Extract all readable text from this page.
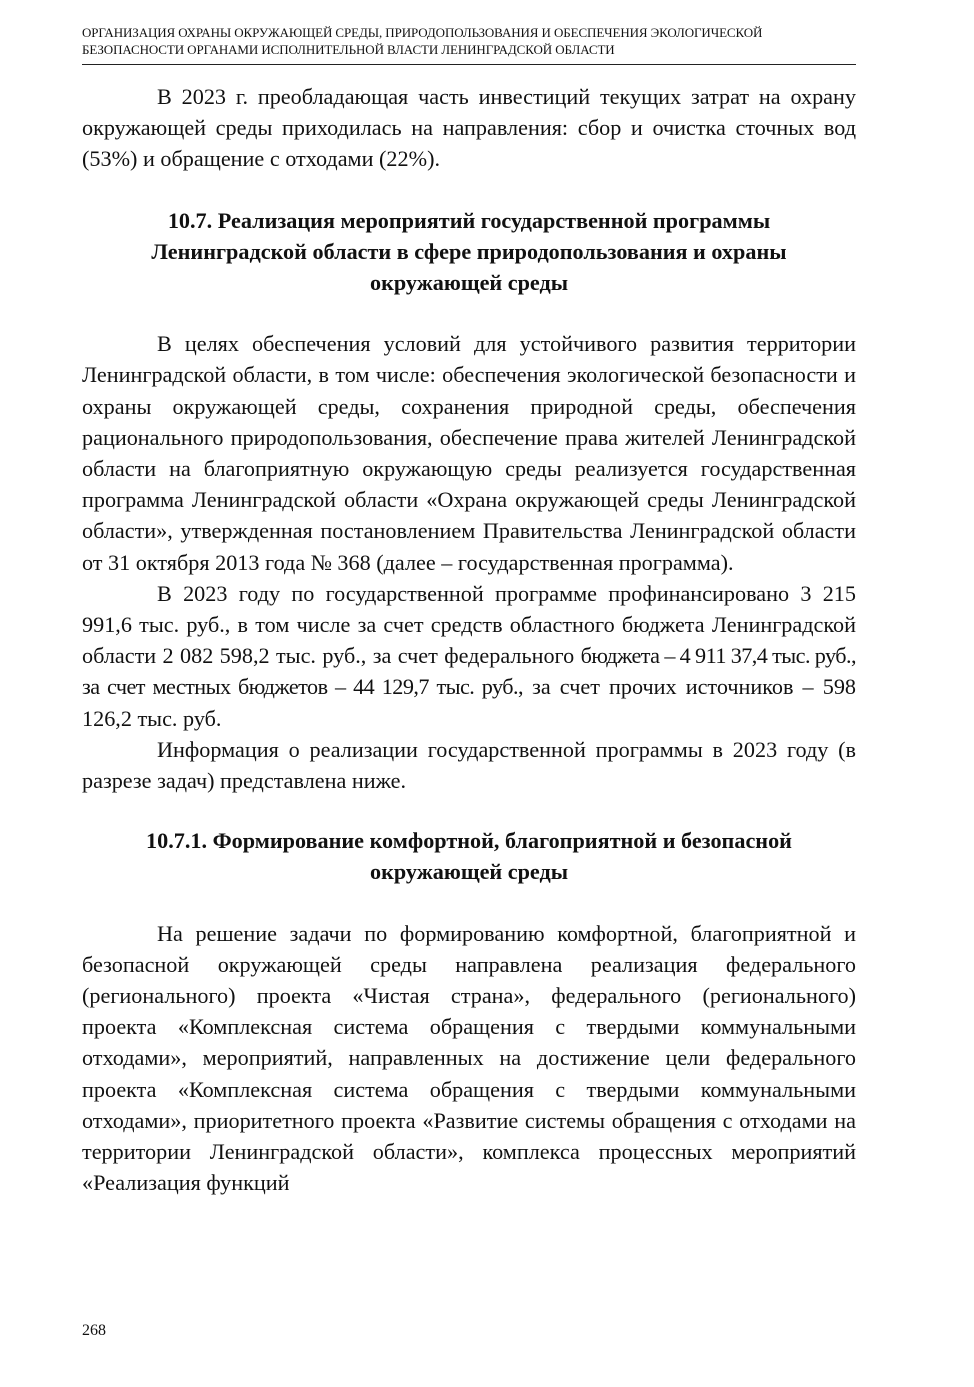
ОРГАНИЗАЦИЯ ОХРАНЫ ОКРУЖАЮЩЕЙ СРЕДЫ, ПРИРОДОПОЛЬЗОВАНИЯ И ОБЕСПЕЧЕНИЯ ЭКОЛОГИЧЕСКОЙ
БЕЗОПАСНОСТИ ОРГАНАМИ ИСПОЛНИТЕЛЬНОЙ ВЛАСТИ ЛЕНИНГРАДСКОЙ ОБЛАСТИ

В 2023 г. преобладающая часть инвестиций текущих затрат на охрану окружающей среды приходилась на направления: сбор и очистка сточных вод (53%) и обращение с отходами (22%).

10.7. Реализация мероприятий государственной программы Ленинградской области в сфере природопользования и охраны окружающей среды

В целях обеспечения условий для устойчивого развития территории Ленинградской области, в том числе: обеспечения экологической безопасности и охраны окружающей среды, сохранения природной среды, обеспечения рационального природопользования, обеспечение права жителей Ленинградской области на благоприятную окружающую среды реализуется государственная программа Ленинградской области «Охрана окружающей среды Ленинградской области», утвержденная постановлением Правительства Ленинградской области от 31 октября 2013 года № 368 (далее – государственная программа).

В 2023 году по государственной программе профинансировано 3 215 991,6 тыс. руб., в том числе за счет средств областного бюджета Ленинградской области 2 082 598,2 тыс. руб., за счет федерального бюджета – 4 911 37,4 тыс. руб., за счет местных бюджетов – 44 129,7 тыс. руб., за счет прочих источников – 598 126,2 тыс. руб.

Информация о реализации государственной программы в 2023 году (в разрезе задач) представлена ниже.

10.7.1. Формирование комфортной, благоприятной и безопасной окружающей среды

На решение задачи по формированию комфортной, благоприятной и безопасной окружающей среды направлена реализация федерального (регионального) проекта «Чистая страна», федерального (регионального) проекта «Комплексная система обращения с твердыми коммунальными отходами», мероприятий, направленных на достижение цели федерального проекта «Комплексная система обращения с твердыми коммунальными отходами», приоритетного проекта «Развитие системы обращения с отходами на территории Ленинградской области», комплекса процессных мероприятий «Реализация функций

268
